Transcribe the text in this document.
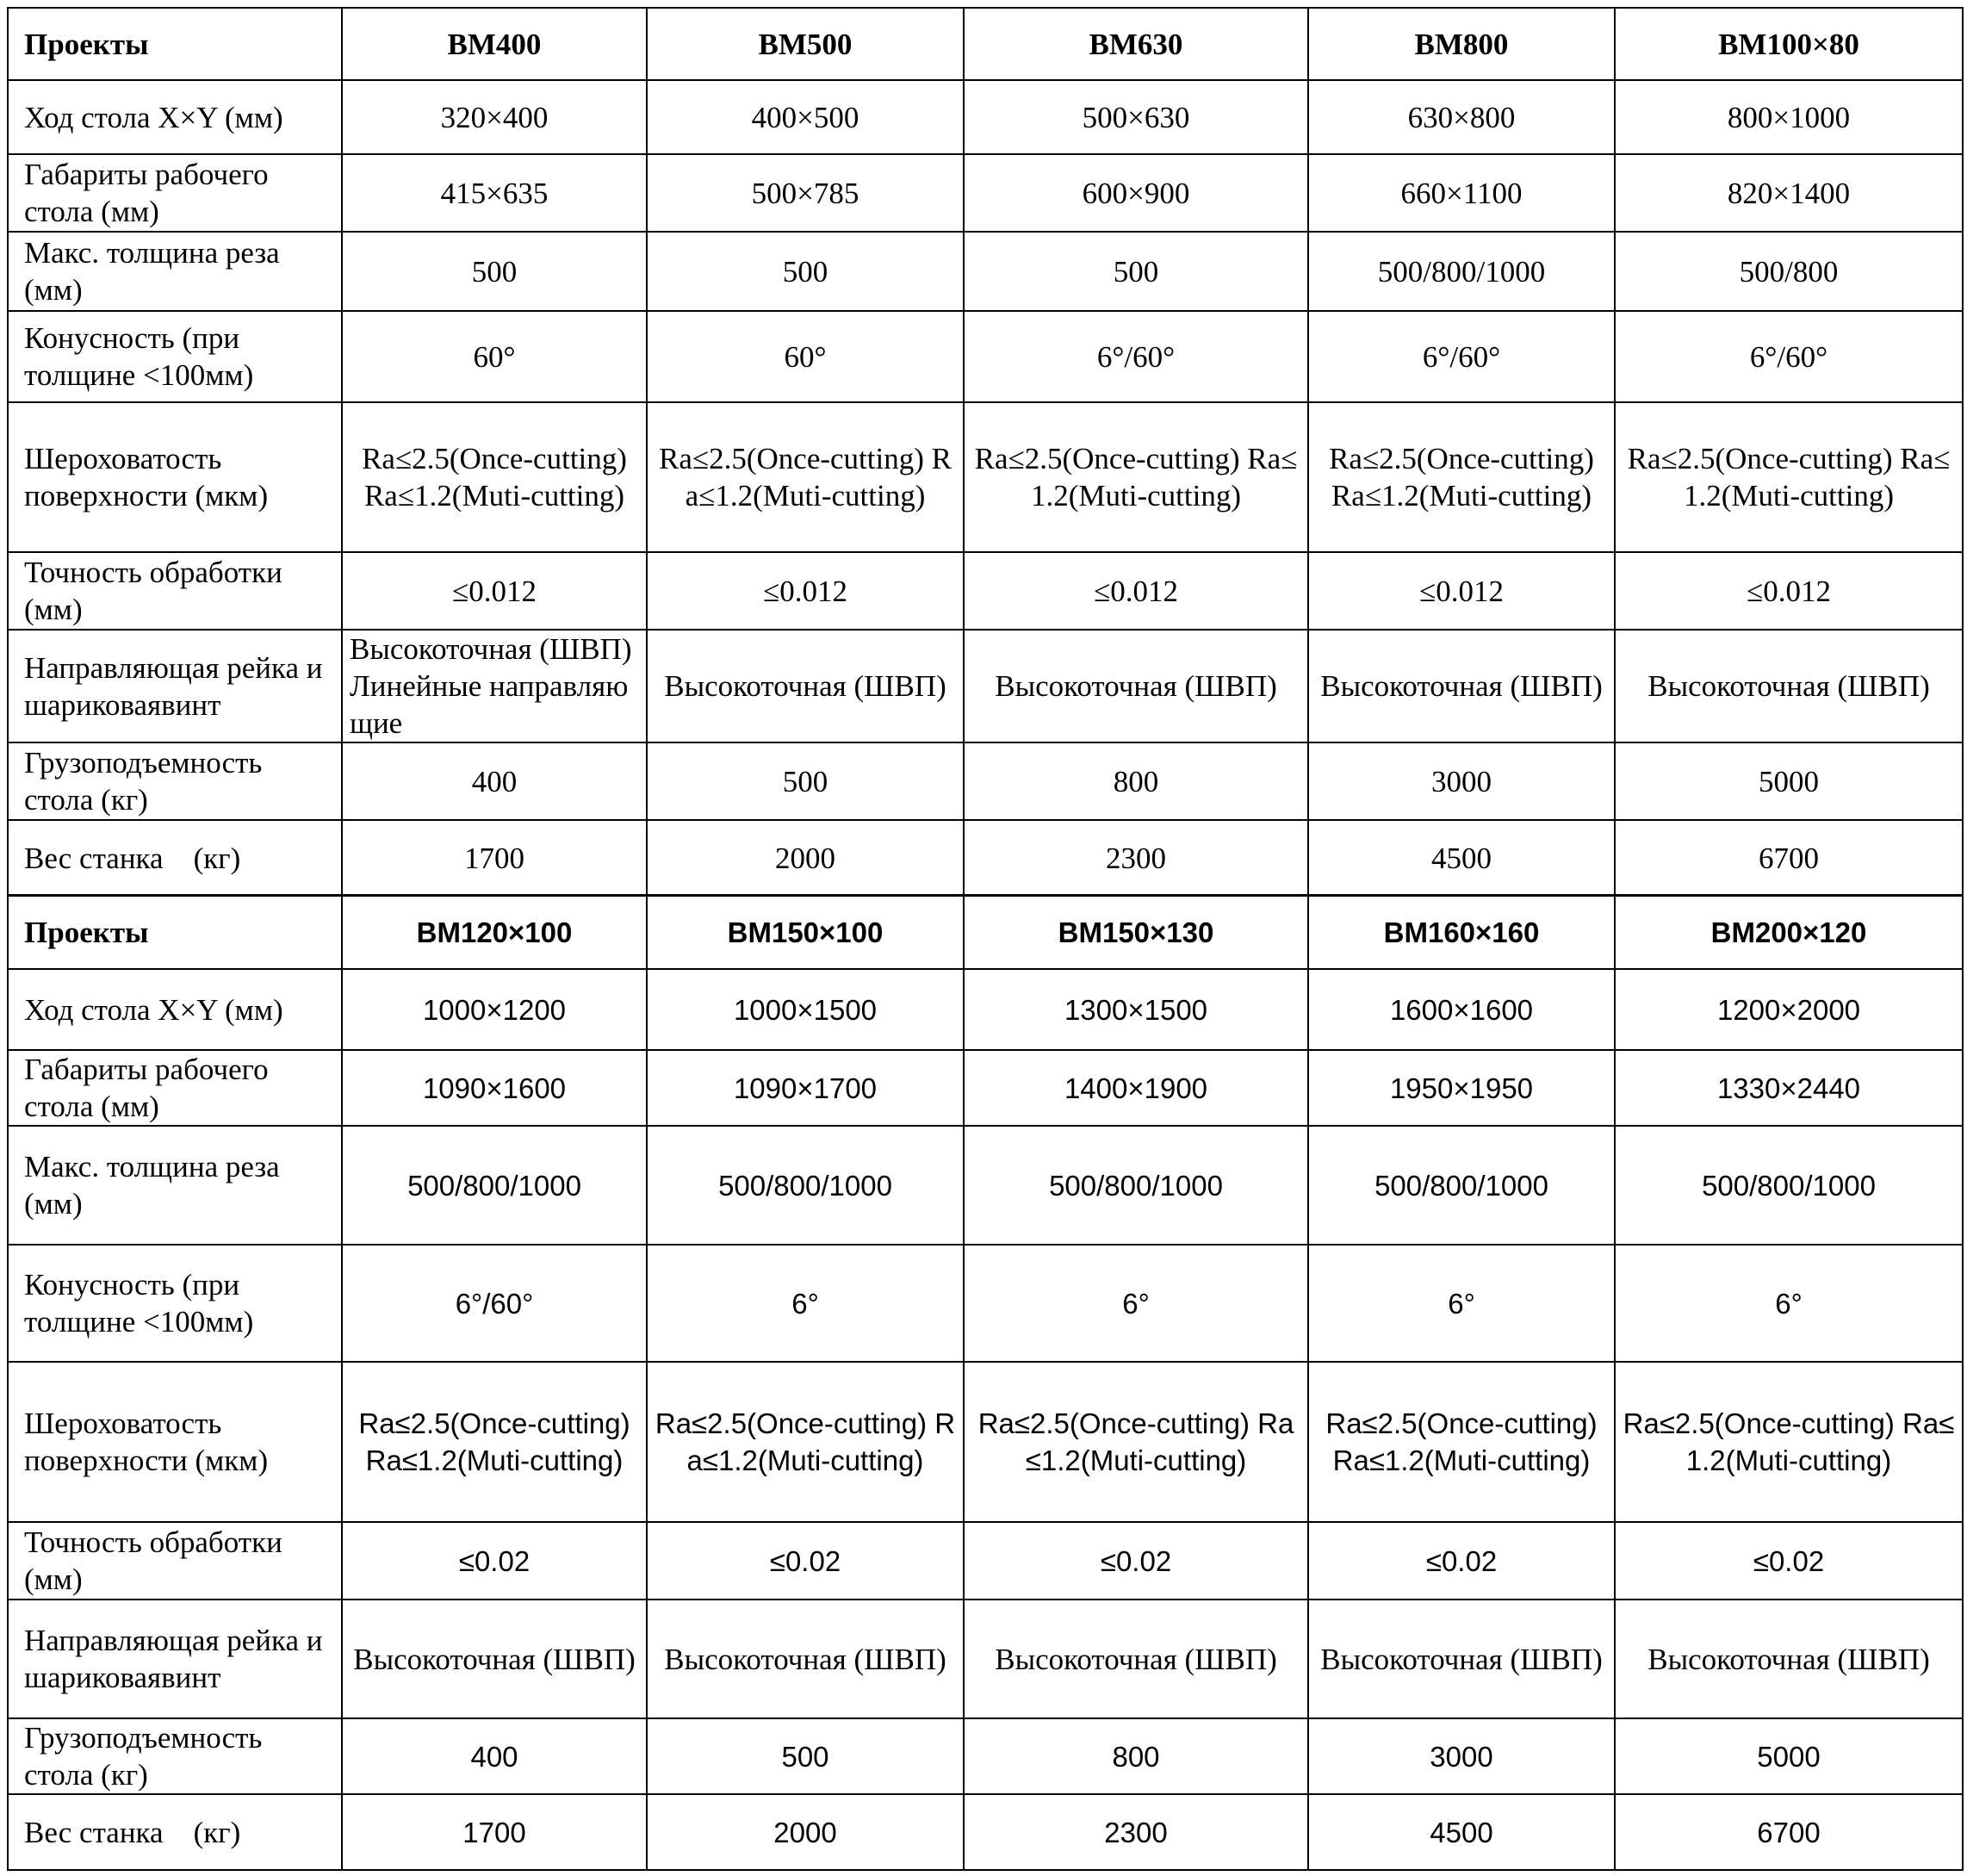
Проекты	BM400	BM500	BM630	BM800	BM100×80
Ход стола X×Y (мм)	320×400	400×500	500×630	630×800	800×1000
Габариты рабочего стола (мм)	415×635	500×785	600×900	660×1100	820×1400
Макс. толщина реза (мм)	500	500	500	500/800/1000	500/800
Конусность (при толщине <100мм)	60°	60°	6°/60°	6°/60°	6°/60°
Шероховатость поверхности (мкм)	Ra≤2.5(Once-cutting) Ra≤1.2(Muti-cutting)	Ra≤2.5(Once-cutting) Ra≤1.2(Muti-cutting)	Ra≤2.5(Once-cutting) Ra≤1.2(Muti-cutting)	Ra≤2.5(Once-cutting) Ra≤1.2(Muti-cutting)	Ra≤2.5(Once-cutting) Ra≤1.2(Muti-cutting)
Точность обработки (мм)	≤0.012	≤0.012	≤0.012	≤0.012	≤0.012
Направляющая рейка и шариковаявинт	Высокоточная (ШВП)Линейные направляющие	Высокоточная (ШВП)	Высокоточная (ШВП)	Высокоточная (ШВП)	Высокоточная (ШВП)
Грузоподъемность стола (кг)	400	500	800	3000	5000
Вес станка    (кг)	1700	2000	2300	4500	6700
Проекты	BM120×100	BM150×100	BM150×130	BM160×160	BM200×120
Ход стола X×Y (мм)	1000×1200	1000×1500	1300×1500	1600×1600	1200×2000
Габариты рабочего стола (мм)	1090×1600	1090×1700	1400×1900	1950×1950	1330×2440
Макс. толщина реза (мм)	500/800/1000	500/800/1000	500/800/1000	500/800/1000	500/800/1000
Конусность (при толщине <100мм)	6°/60°	6°	6°	6°	6°
Шероховатость поверхности (мкм)	Ra≤2.5(Once-cutting) Ra≤1.2(Muti-cutting)	Ra≤2.5(Once-cutting) Ra≤1.2(Muti-cutting)	Ra≤2.5(Once-cutting) Ra≤1.2(Muti-cutting)	Ra≤2.5(Once-cutting) Ra≤1.2(Muti-cutting)	Ra≤2.5(Once-cutting) Ra≤1.2(Muti-cutting)
Точность обработки (мм)	≤0.02	≤0.02	≤0.02	≤0.02	≤0.02
Направляющая рейка и шариковаявинт	Высокоточная (ШВП)	Высокоточная (ШВП)	Высокоточная (ШВП)	Высокоточная (ШВП)	Высокоточная (ШВП)
Грузоподъемность стола (кг)	400	500	800	3000	5000
Вес станка    (кг)	1700	2000	2300	4500	6700
